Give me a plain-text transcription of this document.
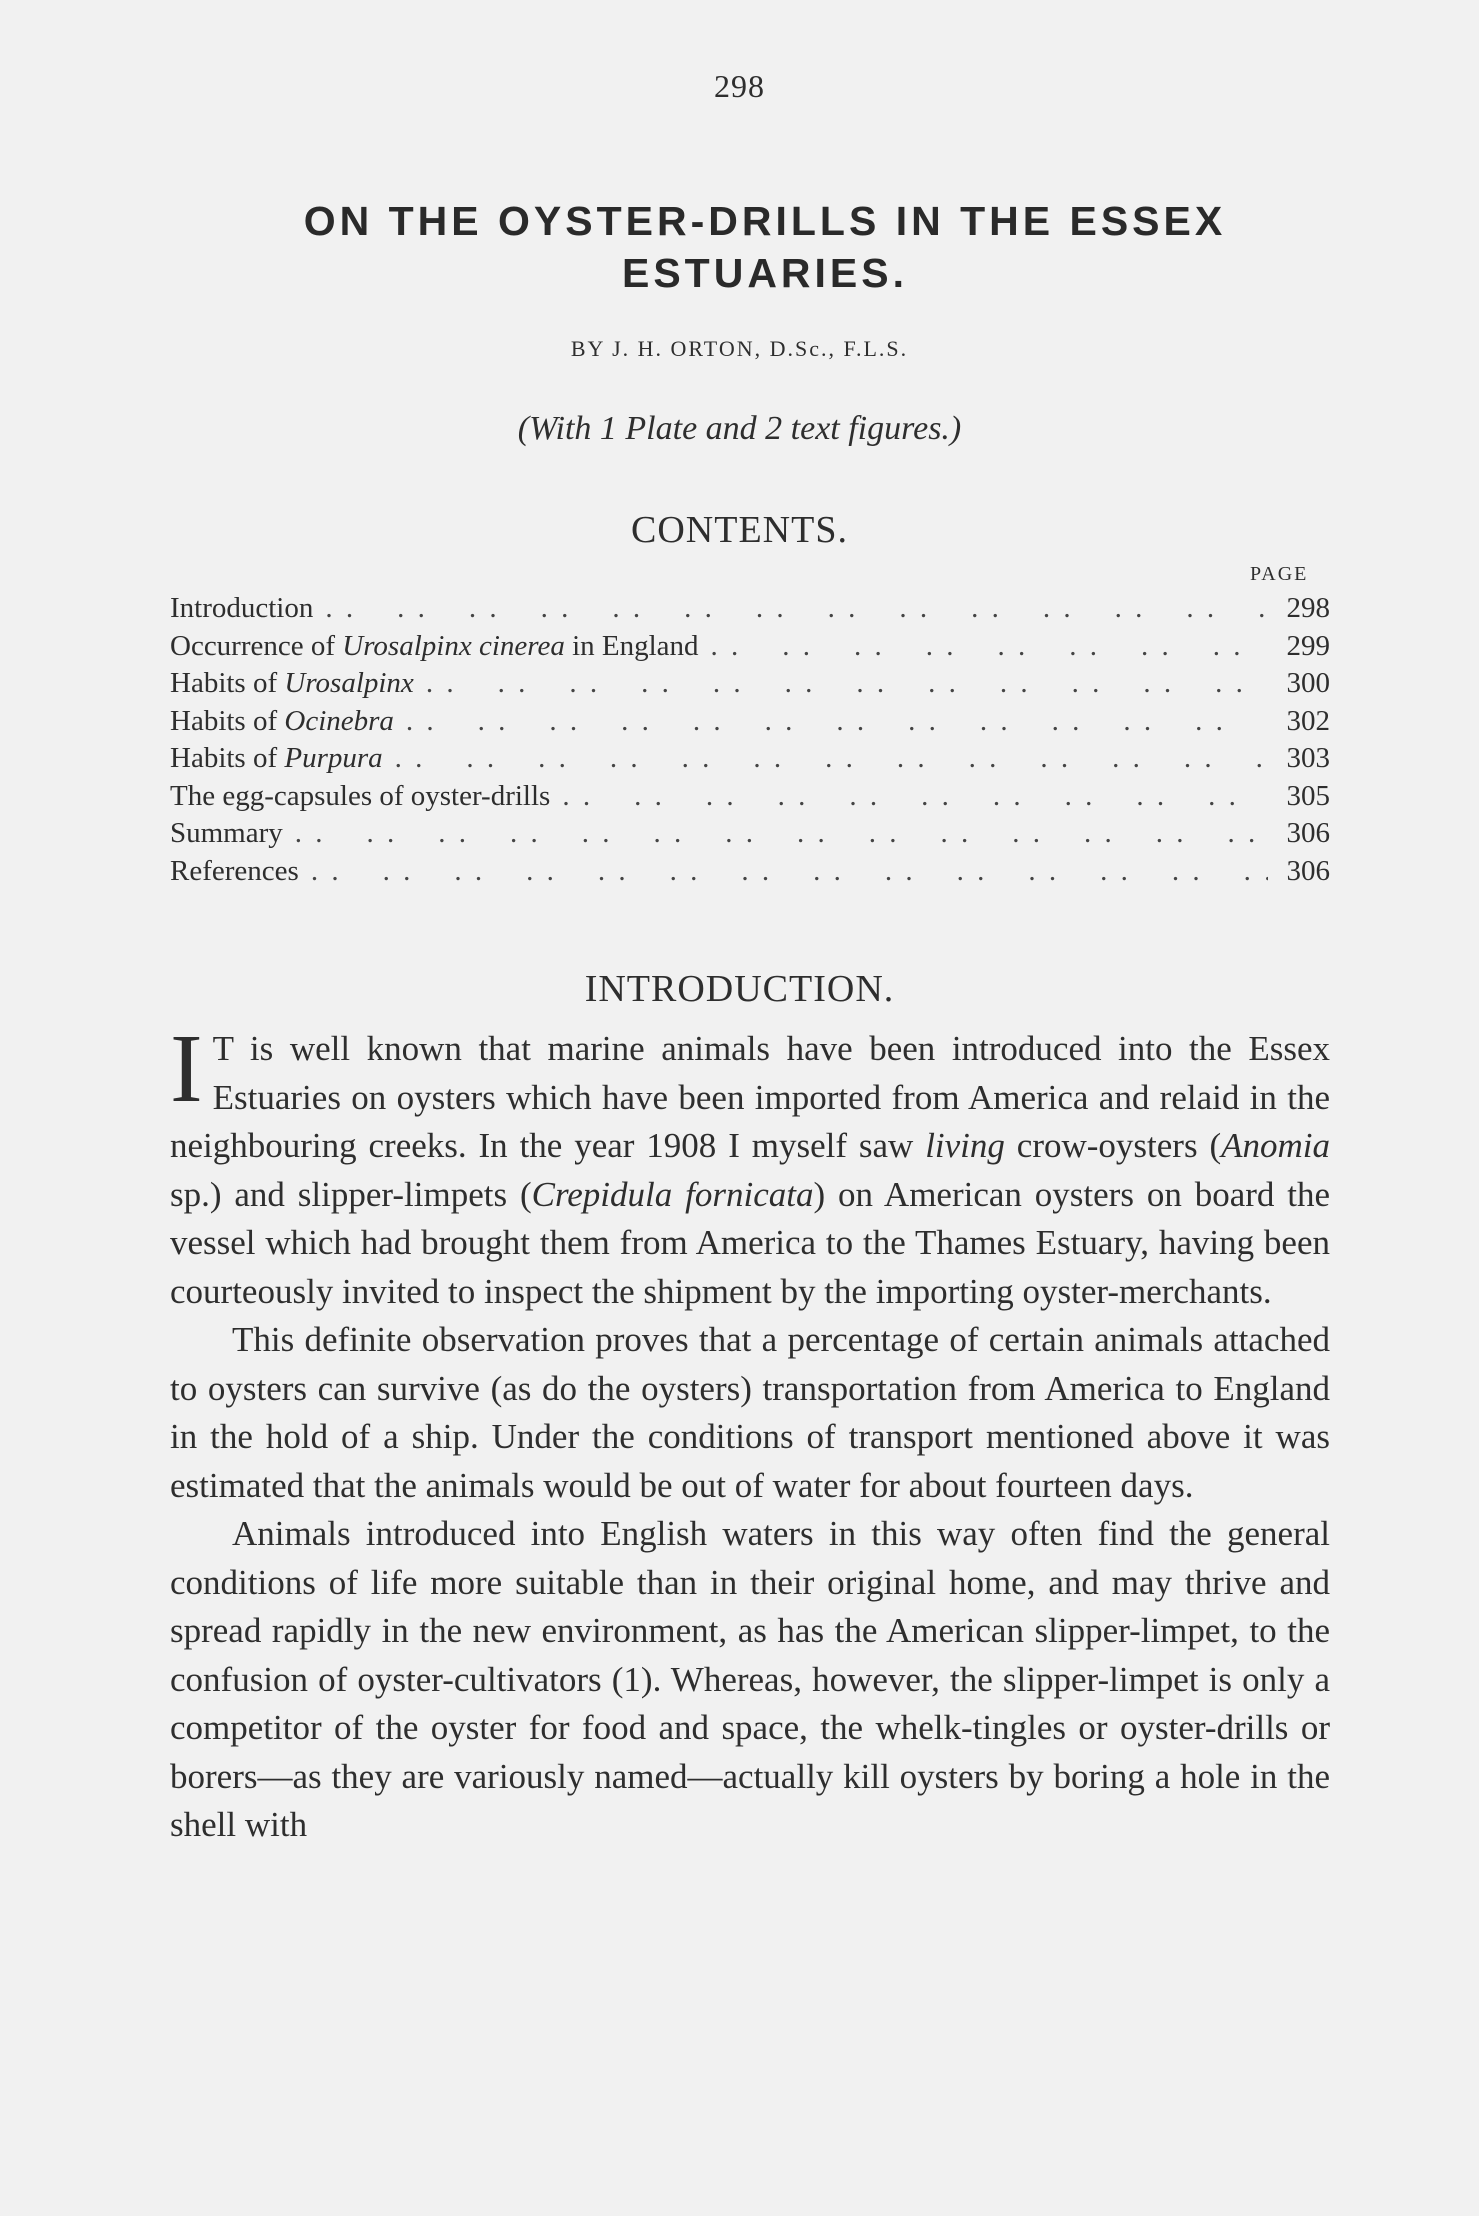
298
ON THE OYSTER-DRILLS IN THE ESSEX ESTUARIES.
BY J. H. ORTON, D.Sc., F.L.S.
(With 1 Plate and 2 text figures.)
CONTENTS.
PAGE
Introduction . .	298
Occurrence of Urosalpinx cinerea in England . .	299
Habits of Urosalpinx . .	300
Habits of Ocinebra . .	302
Habits of Purpura . .	303
The egg-capsules of oyster-drills . .	305
Summary . .	306
References . .	306
INTRODUCTION.

I T is well known that marine animals have been introduced into the Essex Estuaries on oysters which have been imported from America and relaid in the neighbouring creeks. In the year 1908 I myself saw living crow-oysters (Anomia sp.) and slipper-limpets (Crepidula fornicata) on American oysters on board the vessel which had brought them from America to the Thames Estuary, having been courteously invited to inspect the shipment by the importing oyster-merchants.

This definite observation proves that a percentage of certain animals attached to oysters can survive (as do the oysters) transportation from America to England in the hold of a ship. Under the conditions of transport mentioned above it was estimated that the animals would be out of water for about fourteen days.

Animals introduced into English waters in this way often find the general conditions of life more suitable than in their original home, and may thrive and spread rapidly in the new environment, as has the American slipper-limpet, to the confusion of oyster-cultivators (1). Whereas, however, the slipper-limpet is only a competitor of the oyster for food and space, the whelk-tingles or oyster-drills or borers—as they are variously named—actually kill oysters by boring a hole in the shell with
